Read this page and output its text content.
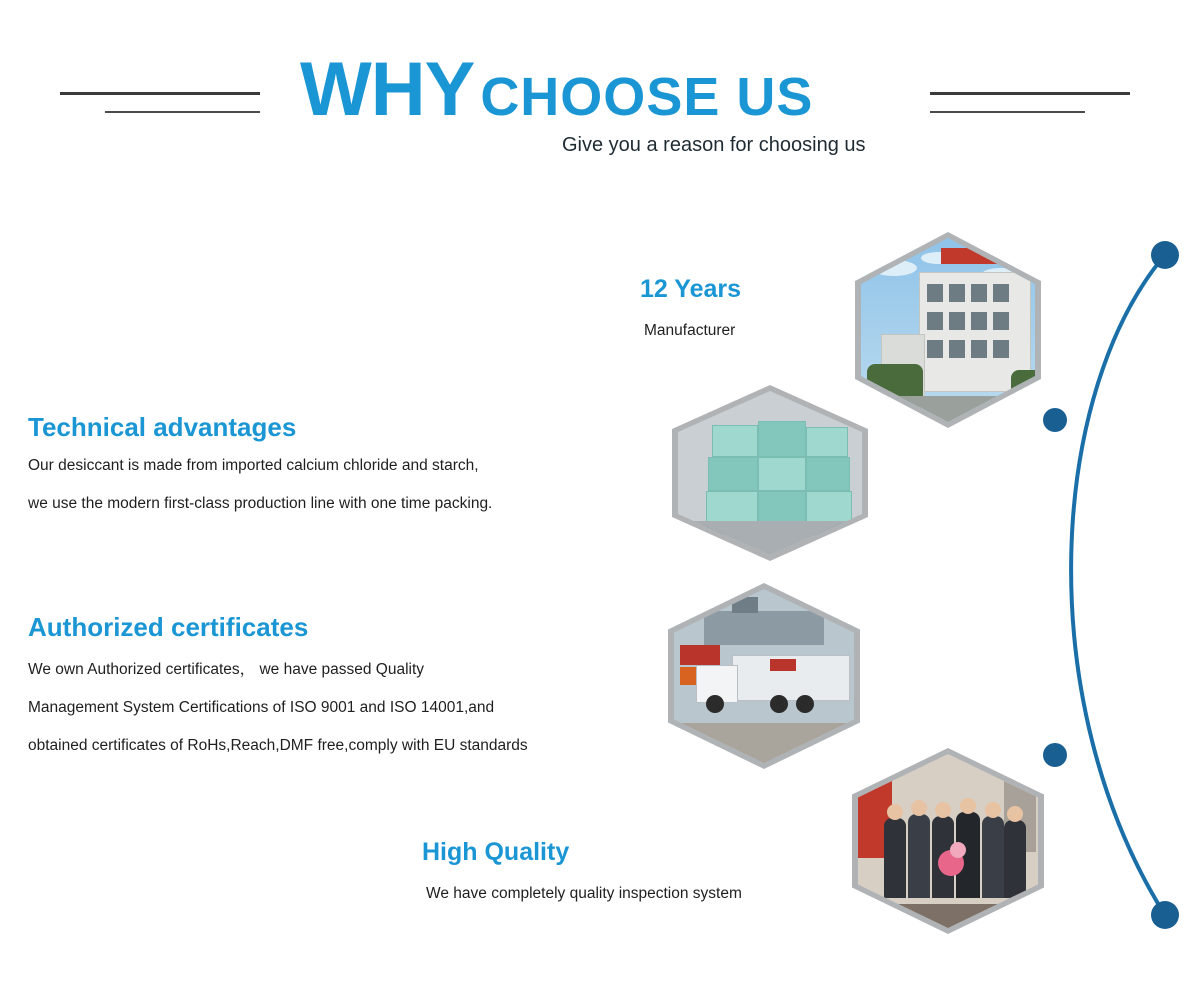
WHY CHOOSE US
Give you a reason for choosing us
Technical advantages

Our desiccant is made from imported calcium chloride and starch,

we use the modern first-class production line with one time packing.

Authorized certificates

We own Authorized certificates， we have passed Quality

Management System Certifications of ISO 9001 and ISO 14001,and

obtained certificates of RoHs,Reach,DMF free,comply with EU standards

12 Years

Manufacturer

High Quality

We have completely quality inspection system
